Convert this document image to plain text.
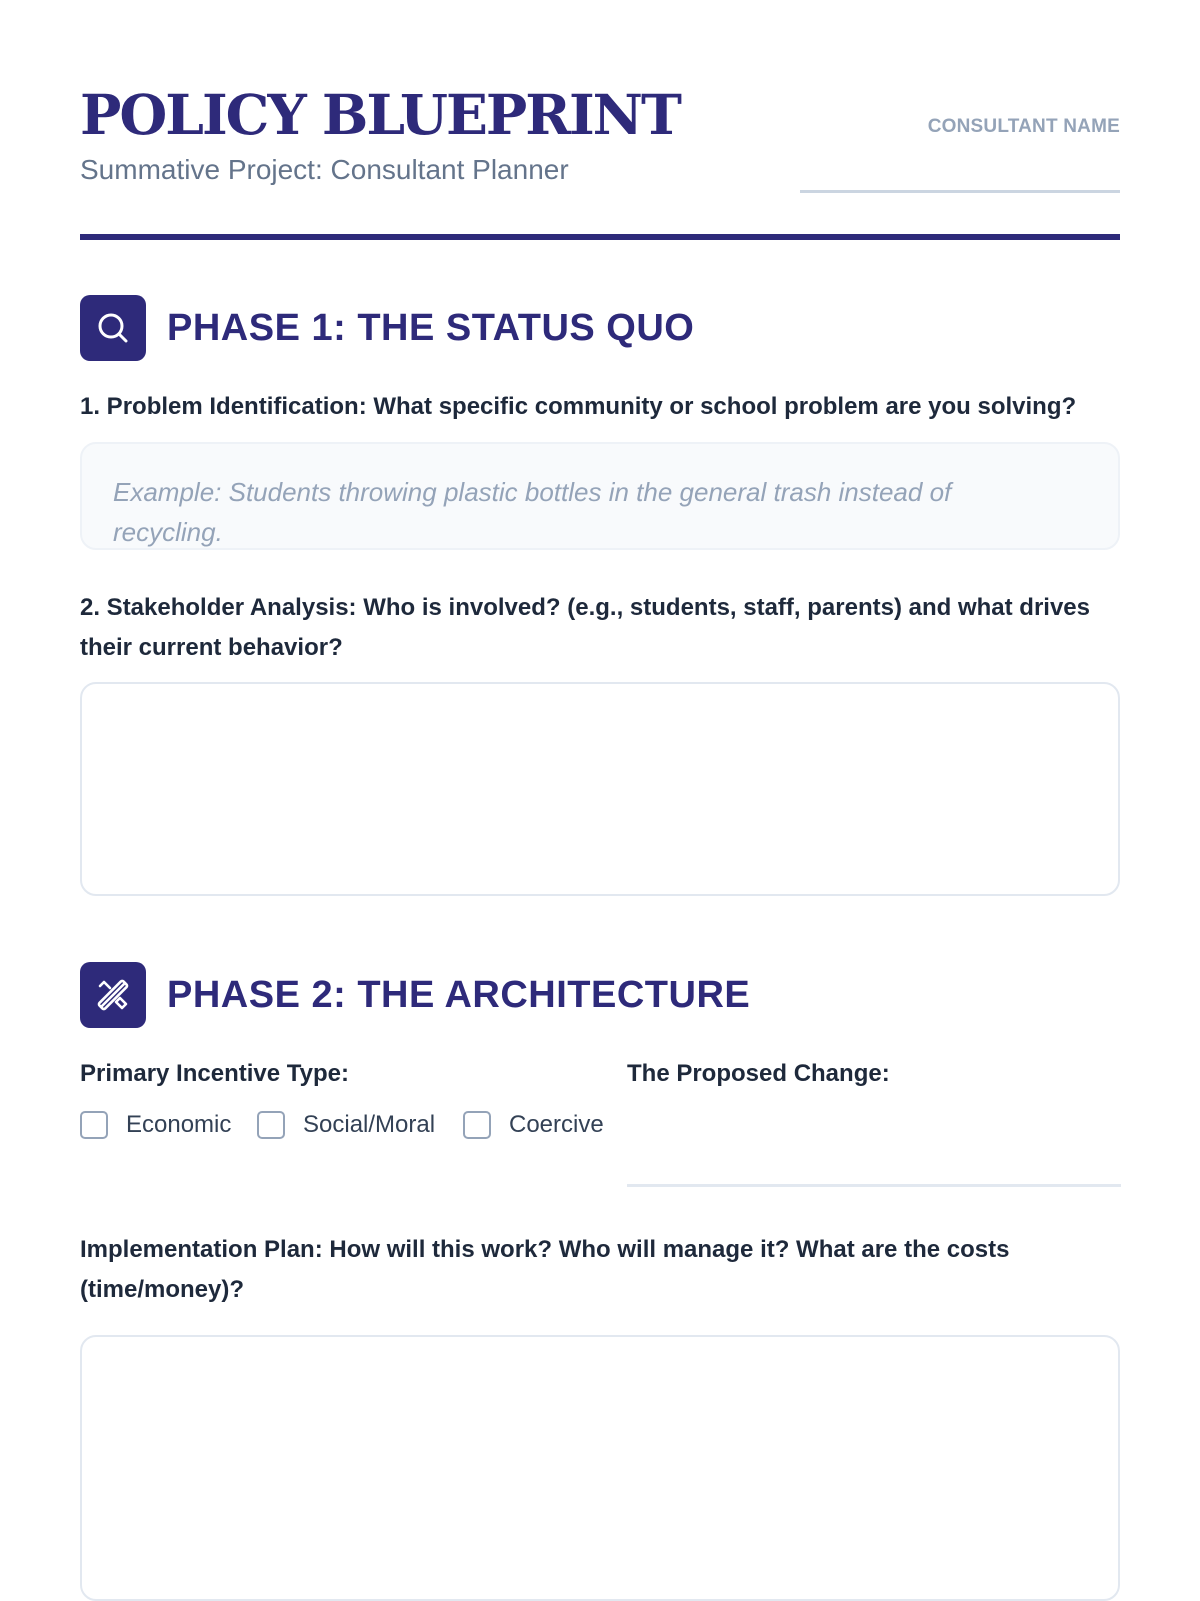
POLICY BLUEPRINT
Summative Project: Consultant Planner
CONSULTANT NAME
PHASE 1: THE STATUS QUO
1. Problem Identification: What specific community or school problem are you solving?
Example: Students throwing plastic bottles in the general trash instead of recycling.
2. Stakeholder Analysis: Who is involved? (e.g., students, staff, parents) and what drives their current behavior?
PHASE 2: THE ARCHITECTURE
Primary Incentive Type:	The Proposed Change:
Economic	Social/Moral	Coercive
Implementation Plan: How will this work? Who will manage it? What are the costs (time/money)?
